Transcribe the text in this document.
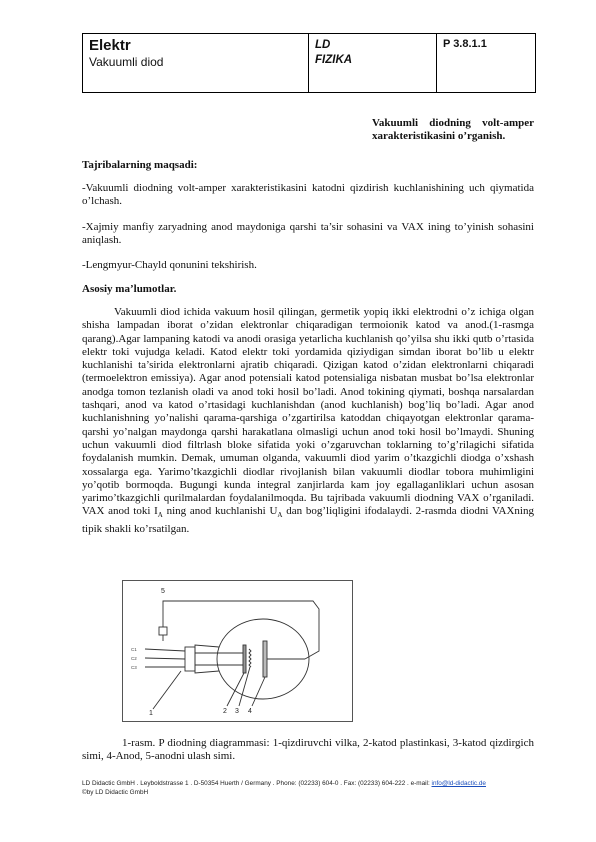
Elektr
Vakuumli diod
LD
FIZIKA
P 3.8.1.1
Vakuumli diodning volt-amper xarakteristikasini o’rganish.
Tajribalarning maqsadi:
-Vakuumli diodning volt-amper xarakteristikasini katodni qizdirish kuchlanishining uch qiymatida o’lchash.
-Xajmiy manfiy zaryadning anod maydoniga qarshi ta’sir sohasini va VAX ining to’yinish sohasini aniqlash.
-Lengmyur-Chayld qonunini tekshirish.
Asosiy ma’lumotlar.
Vakuumli diod ichida vakuum hosil qilingan, germetik yopiq ikki elektrodni o’z ichiga olgan shisha lampadan iborat o’zidan elektronlar chiqaradigan termoionik katod va anod.(1-rasmga qarang).Agar lampaning katodi va anodi orasiga yetarlicha kuchlanish qo’yilsa shu ikki qutb o’rtasida elektr toki vujudga keladi. Katod elektr toki yordamida qiziydigan simdan iborat bo’lib u elektr kuchlanishi ta’sirida elektronlarni ajratib chiqaradi. Qizigan katod o’zidan elektronlarni chiqaradi (termoelektron emissiya). Agar anod potensiali katod potensialiga nisbatan musbat bo’lsa elektronlar anodga tomon tezlanish oladi va anod toki hosil bo’ladi. Anod tokining qiymati, boshqa narsalardan tashqari, anod va katod o’rtasidagi kuchlanishdan (anod kuchlanish) bog’liq bo’ladi. Agar anod kuchlanishning yo’nalishi qarama-qarshiga o’zgartirilsa katoddan chiqayotgan elektronlar qarama-qarshi yo’nalgan maydonga qarshi harakatlana olmasligi uchun anod toki hosil bo’lmaydi. Shuning uchun vakuumli diod filtrlash bloke sifatida yoki o’zgaruvchan toklarning to’g’rilagichi sifatida foydalanish mumkin. Demak, umuman olganda, vakuumli diod yarim o’tkazgichli diodga o’xshash xossalarga ega. Yarimo’tkazgichli diodlar rivojlanish bilan vakuumli diodlar tobora muhimligini yo’qotib bormoqda. Bugungi kunda integral zanjirlarda kam joy egallaganliklari uchun asosan yarimo’tkazgichli qurilmalardan foydalanilmoqda. Bu tajribada vakuumli diodning VAX o’rganiladi. VAX anod toki $I_A$ ning anod kuchlanishi $U_A$ dan bog’liqligini ifodalaydi. 2-rasmda diodni VAXning tipik shakli ko’rsatilgan.
5
1	2 3 4
C1
C2
C3
1-rasm. P diodning diagrammasi: 1-qizdiruvchi vilka, 2-katod plastinkasi, 3-katod qizdirgich simi, 4-Anod, 5-anodni ulash simi.
LD Didactic GmbH . Leyboldstrasse 1 . D-50354 Huerth / Germany . Phone: (02233) 604-0 . Fax: (02233) 604-222 . e-mail: info@ld-didactic.de
©by LD Didactic GmbH
